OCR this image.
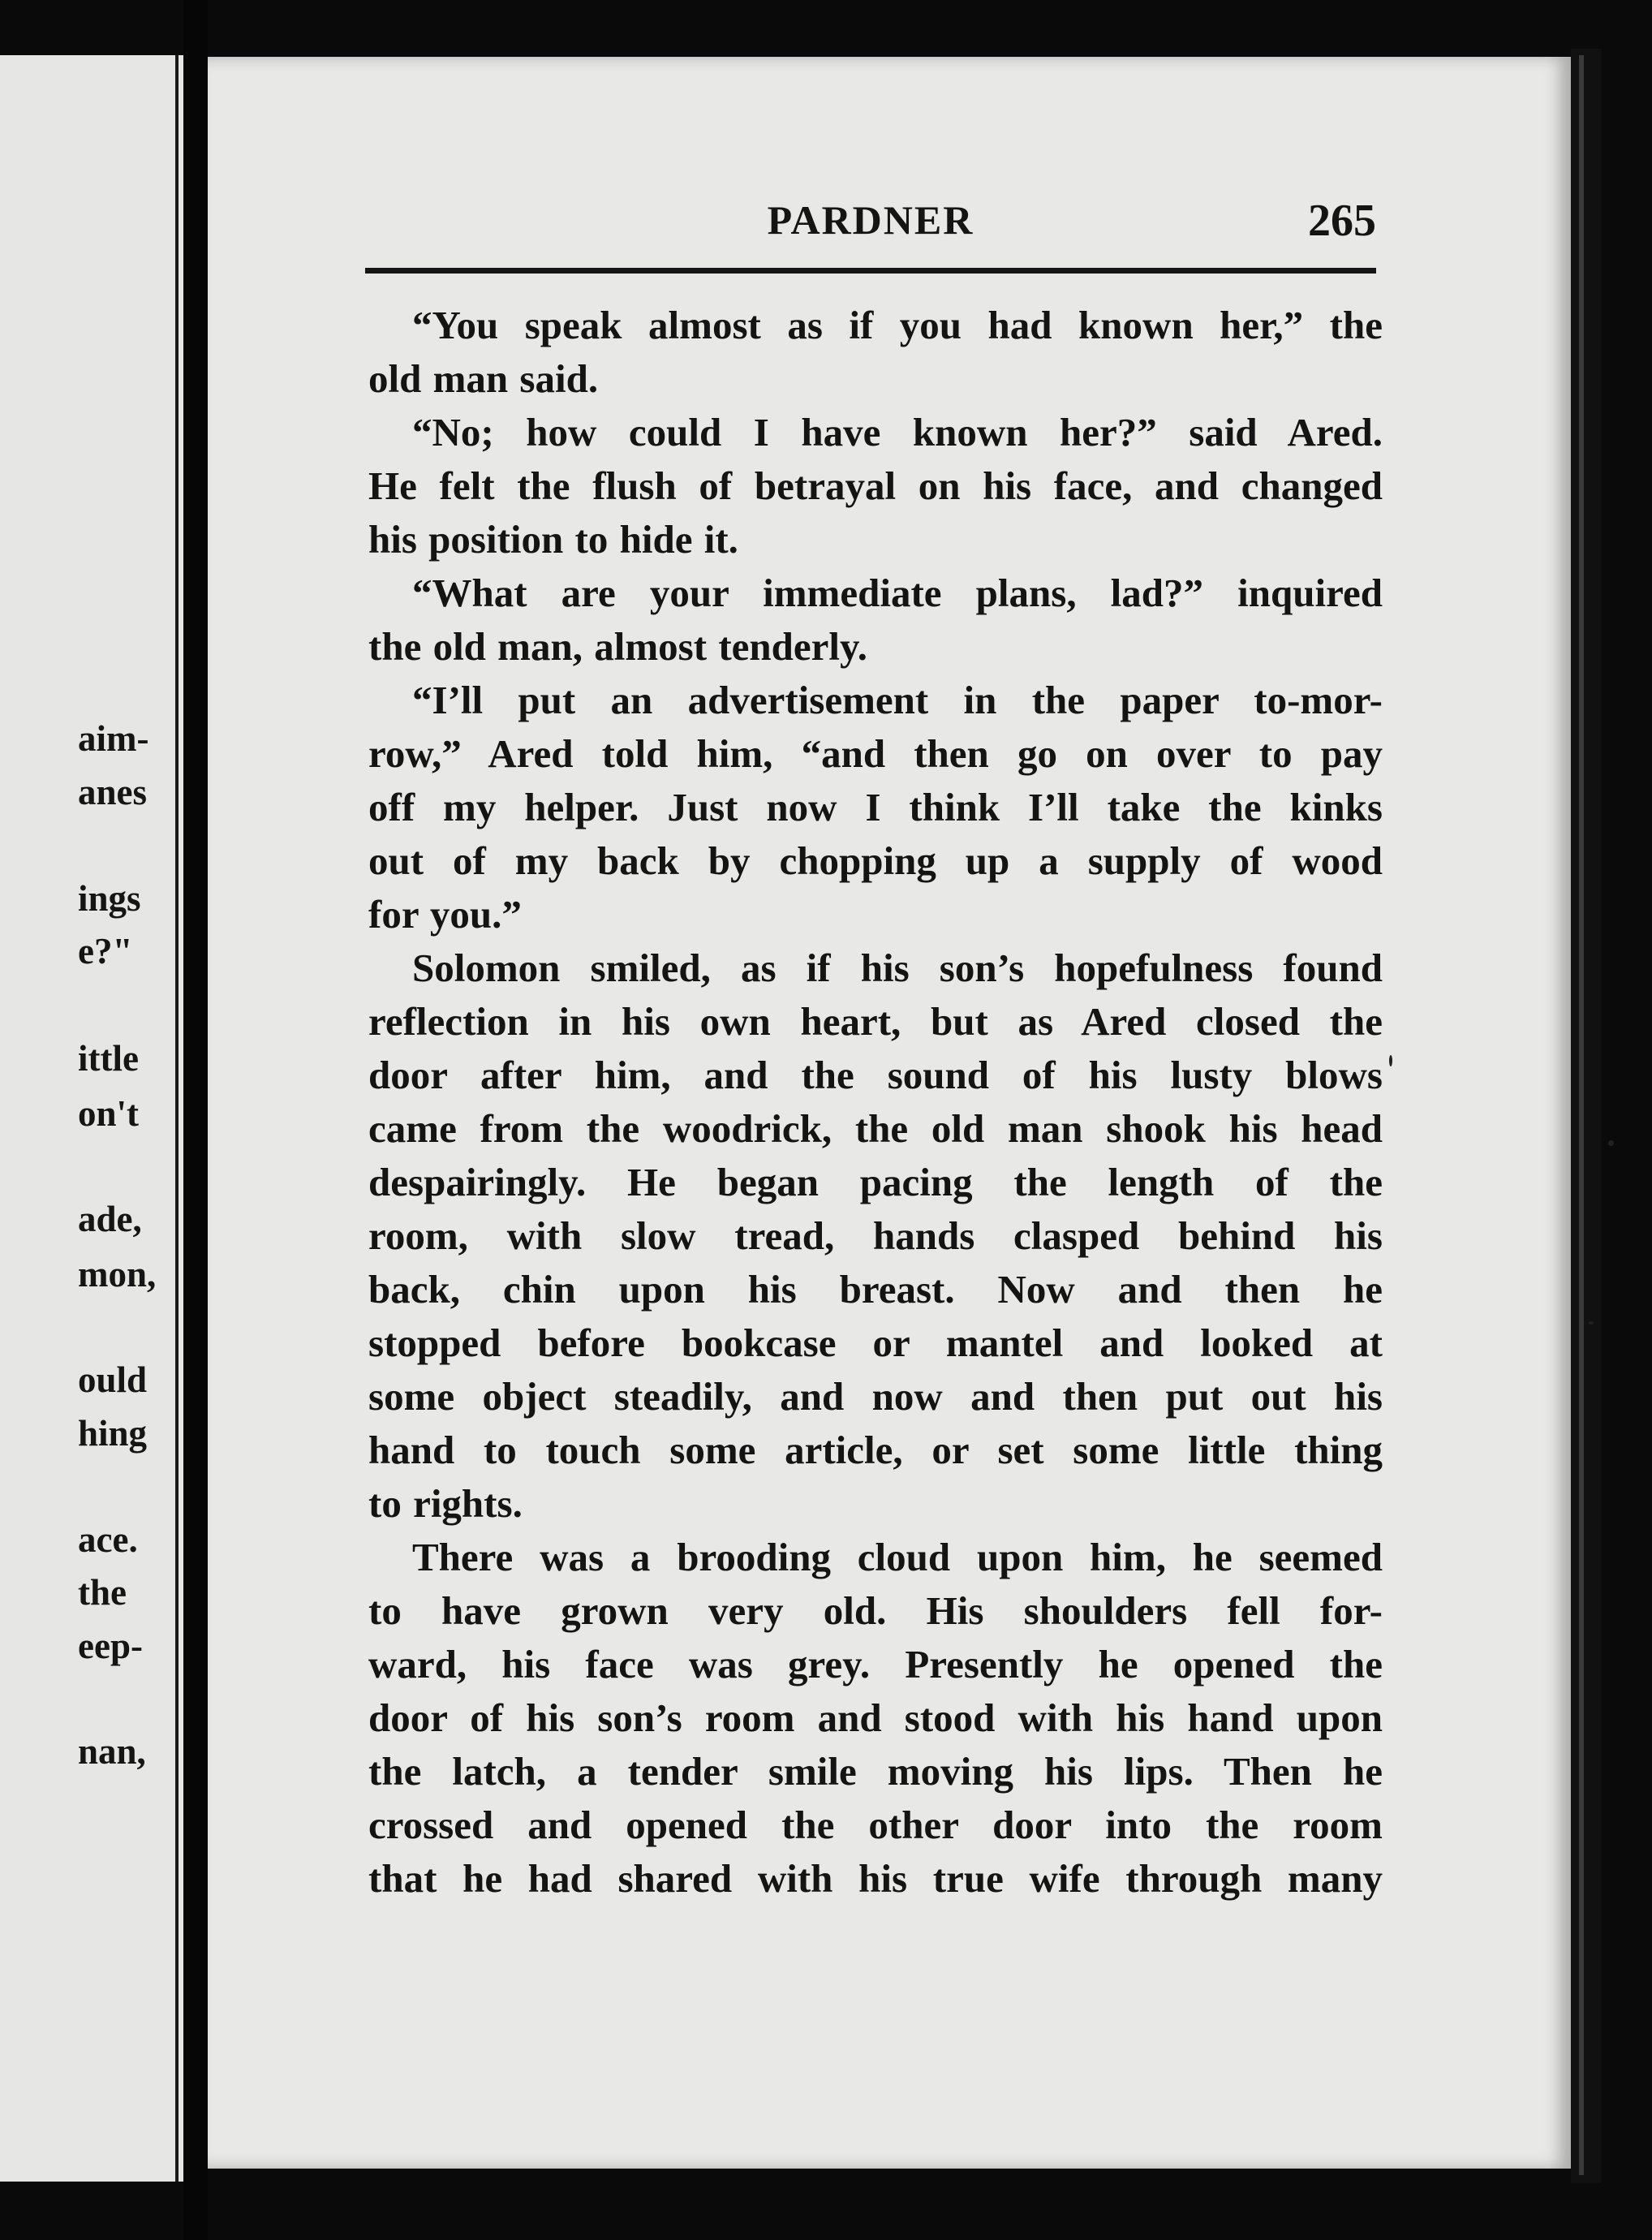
aim-
anes
ings
e?"
ittle
on't
ade,
mon,
ould
hing
ace.
the
eep-
nan,
PARDNER	265
“You speak almost as if you had known her,” the
old man said.
“No; how could I have known her?” said Ared.
He felt the flush of betrayal on his face, and changed
his position to hide it.
“What are your immediate plans, lad?” inquired
the old man, almost tenderly.
“I’ll put an advertisement in the paper to-mor-
row,” Ared told him, “and then go on over to pay
off my helper. Just now I think I’ll take the kinks
out of my back by chopping up a supply of wood
for you.”
Solomon smiled, as if his son’s hopefulness found
reflection in his own heart, but as Ared closed the
door after him, and the sound of his lusty blows
came from the woodrick, the old man shook his head
despairingly. He began pacing the length of the
room, with slow tread, hands clasped behind his
back, chin upon his breast. Now and then he
stopped before bookcase or mantel and looked at
some object steadily, and now and then put out his
hand to touch some article, or set some little thing
to rights.
There was a brooding cloud upon him, he seemed
to have grown very old. His shoulders fell for-
ward, his face was grey. Presently he opened the
door of his son’s room and stood with his hand upon
the latch, a tender smile moving his lips. Then he
crossed and opened the other door into the room
that he had shared with his true wife through many
